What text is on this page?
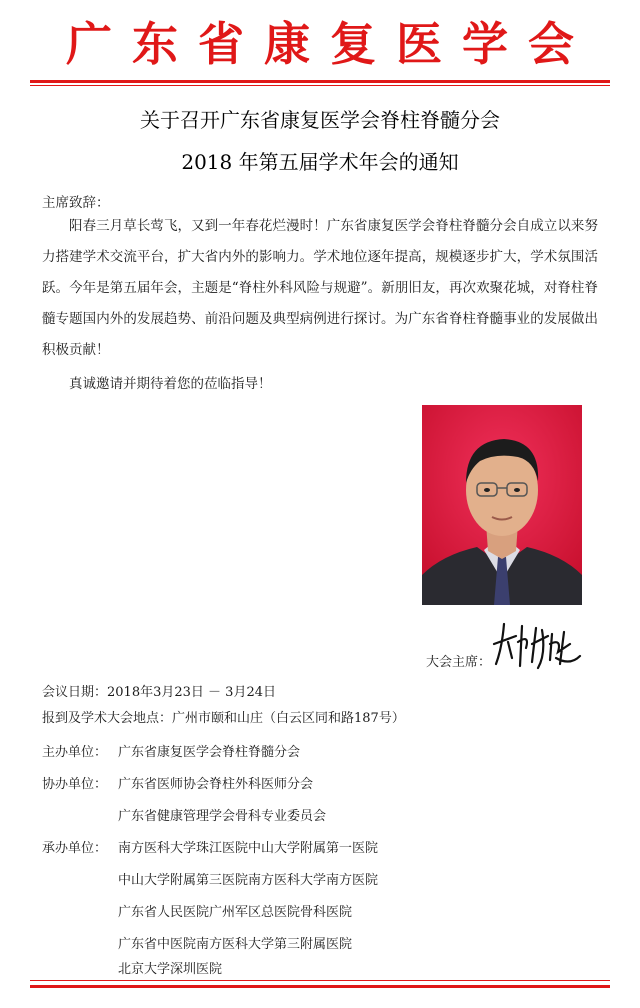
广东省康复医学会
关于召开广东省康复医学会脊柱脊髓分会
2018 年第五届学术年会的通知
主席致辞：
阳春三月草长莺飞，又到一年春花烂漫时！广东省康复医学会脊柱脊髓分会自成立以来努力搭建学术交流平台，扩大省内外的影响力。学术地位逐年提高，规模逐步扩大，学术氛围活跃。今年是第五届年会，主题是“脊柱外科风险与规避”。新朋旧友，再次欢聚花城，对脊柱脊髓专题国内外的发展趋势、前沿问题及典型病例进行探讨。为广东省脊柱脊髓事业的发展做出积极贡献！
真诚邀请并期待着您的莅临指导！
大会主席：
会议日期：2018年3月23日 － 3月24日
报到及学术大会地点：广州市颐和山庄（白云区同和路187号）
主办单位： 广东省康复医学会脊柱脊髓分会
协办单位： 广东省医师协会脊柱外科医师分会
广东省健康管理学会骨科专业委员会
承办单位： 南方医科大学珠江医院中山大学附属第一医院
中山大学附属第三医院南方医科大学南方医院
广东省人民医院广州军区总医院骨科医院
广东省中医院南方医科大学第三附属医院
北京大学深圳医院
